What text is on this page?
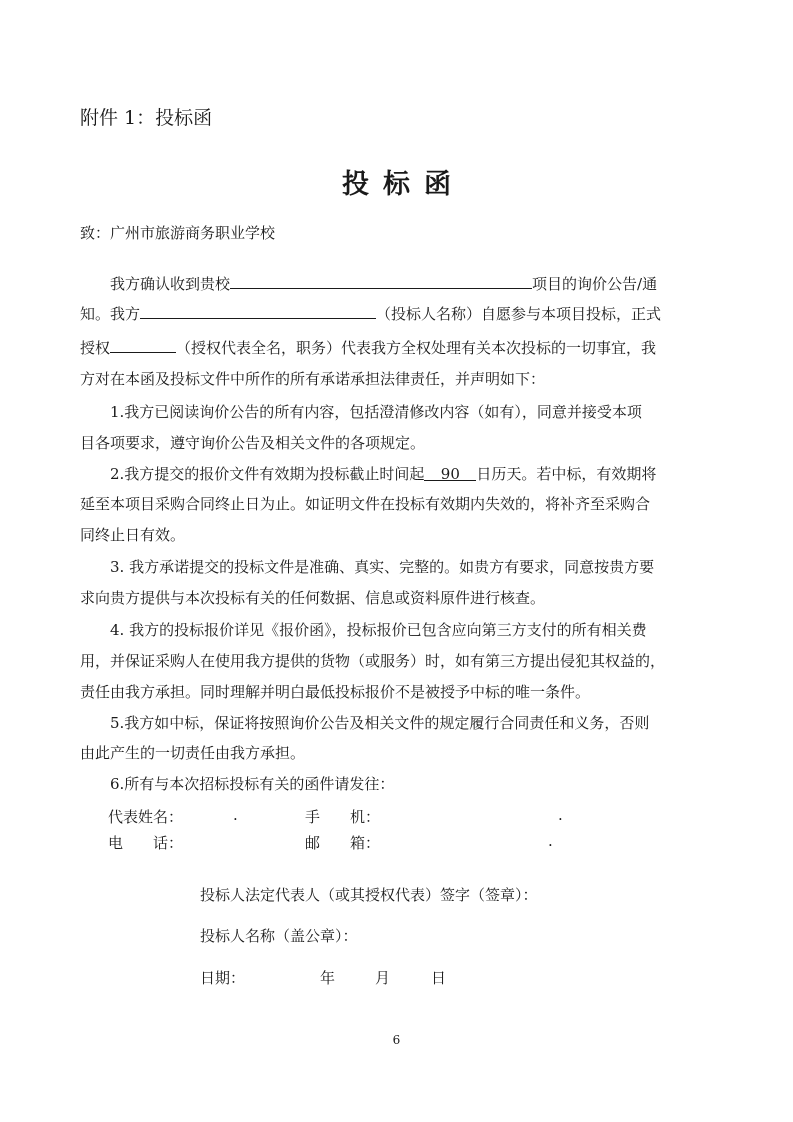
附件 1：投标函
投标函
致：广州市旅游商务职业学校
我方确认收到贵校	项目的询价公告/通
知。我方	（投标人名称）自愿参与本项目投标，正式
授权	（授权代表全名，职务）代表我方全权处理有关本次投标的一切事宜，我
方对在本函及投标文件中所作的所有承诺承担法律责任，并声明如下：
1.我方已阅读询价公告的所有内容，包括澄清修改内容（如有），同意并接受本项
目各项要求，遵守询价公告及相关文件的各项规定。
2.我方提交的报价文件有效期为投标截止时间起 90 日历天。若中标，有效期将
延至本项目采购合同终止日为止。如证明文件在投标有效期内失效的，将补齐至采购合
同终止日有效。
3. 我方承诺提交的投标文件是准确、真实、完整的。如贵方有要求，同意按贵方要
求向贵方提供与本次投标有关的任何数据、信息或资料原件进行核查。
4. 我方的投标报价详见《报价函》，投标报价已包含应向第三方支付的所有相关费
用，并保证采购人在使用我方提供的货物（或服务）时，如有第三方提出侵犯其权益的，
责任由我方承担。同时理解并明白最低投标报价不是被授予中标的唯一条件。
5.我方如中标，保证将按照询价公告及相关文件的规定履行合同责任和义务，否则
由此产生的一切责任由我方承担。
6.所有与本次招标投标有关的函件请发往：
代表姓名：	.	手　　机：	.
电　　话：	邮　　箱：	.
投标人法定代表人（或其授权代表）签字（签章）：
投标人名称（盖公章）：
日期：	年	月	日
6
